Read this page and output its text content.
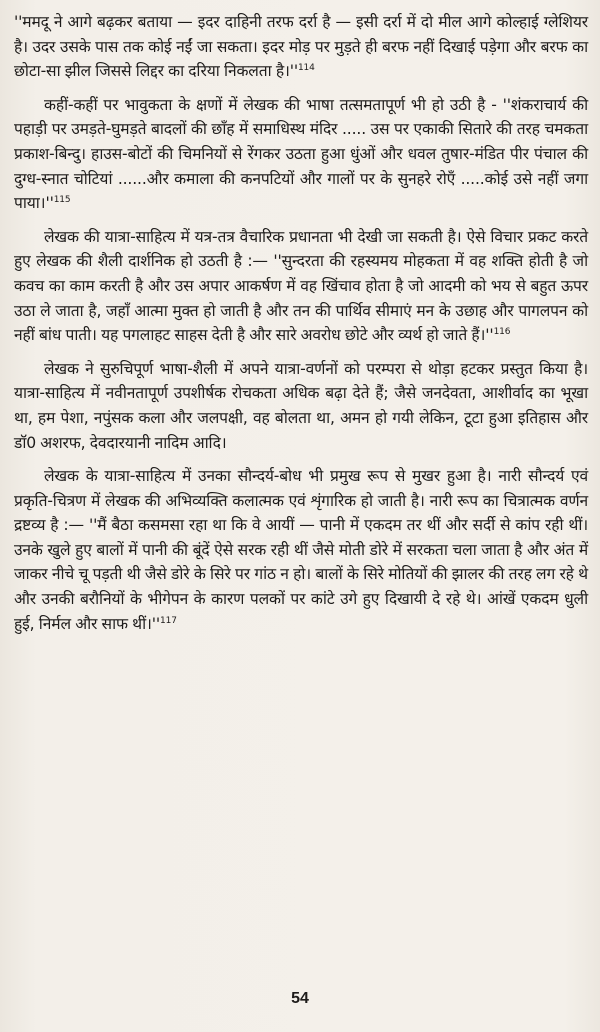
''ममदू ने आगे बढ़कर बताया — इदर दाहिनी तरफ दर्रा है — इसी दर्रा में दो मील आगे कोल्हाई ग्लेशियर है। उदर उसके पास तक कोई नईं जा सकता। इदर मोड़ पर मुड़ते ही बरफ नहीं दिखाई पड़ेगा और बरफ का छोटा-सा झील जिससे लिद्दर का दरिया निकलता $है।''^{114}$

कहीं-कहीं पर भावुकता के क्षणों में लेखक की भाषा तत्समतापूर्ण भी हो उठी है - ''शंकराचार्य की पहाड़ी पर उमड़ते-घुमड़ते बादलों की छाँह में समाधिस्थ मंदिर ..... उस पर एकाकी सितारे की तरह चमकता प्रकाश-बिन्दु। हाउस-बोटों की चिमनियों से रेंगकर उठता हुआ धुंओं और धवल तुषार-मंडित पीर पंचाल की दुग्ध-स्नात चोटियां ......और कमाला की कनपटियों और गालों पर के सुनहरे रोएँ .....कोई उसे नहीं जगा $पाया।''^{115}$

लेखक की यात्रा-साहित्य में यत्र-तत्र वैचारिक प्रधानता भी देखी जा सकती है। ऐसे विचार प्रकट करते हुए लेखक की शैली दार्शनिक हो उठती है :— ''सुन्दरता की रहस्यमय मोहकता में वह शक्ति होती है जो कवच का काम करती है और उस अपार आकर्षण में वह खिंचाव होता है जो आदमी को भय से बहुत ऊपर उठा ले जाता है, जहाँ आत्मा मुक्त हो जाती है और तन की पार्थिव सीमाएं मन के उछाह और पागलपन को नहीं बांध पाती। यह पगलाहट साहस देती है और सारे अवरोध छोटे और व्यर्थ हो जाते $हैं।''^{116}$

लेखक ने सुरुचिपूर्ण भाषा-शैली में अपने यात्रा-वर्णनों को परम्परा से थोड़ा हटकर प्रस्तुत किया है। यात्रा-साहित्य में नवीनतापूर्ण उपशीर्षक रोचकता अधिक बढ़ा देते हैं; जैसे जनदेवता, आशीर्वाद का भूखा था, हम पेशा, नपुंसक कला और जलपक्षी, वह बोलता था, अमन हो गयी लेकिन, टूटा हुआ इतिहास और डॉ0 अशरफ, देवदारयानी नादिम आदि।

लेखक के यात्रा-साहित्य में उनका सौन्दर्य-बोध भी प्रमुख रूप से मुखर हुआ है। नारी सौन्दर्य एवं प्रकृति-चित्रण में लेखक की अभिव्यक्ति कलात्मक एवं शृंगारिक हो जाती है। नारी रूप का चित्रात्मक वर्णन द्रष्टव्य है :— ''मैं बैठा कसमसा रहा था कि वे आयीं — पानी में एकदम तर थीं और सर्दी से कांप रही थीं। उनके खुले हुए बालों में पानी की बूंदें ऐसे सरक रही थीं जैसे मोती डोरे में सरकता चला जाता है और अंत में जाकर नीचे चू पड़ती थी जैसे डोरे के सिरे पर गांठ न हो। बालों के सिरे मोतियों की झालर की तरह लग रहे थे और उनकी बरौनियों के भीगेपन के कारण पलकों पर कांटे उगे हुए दिखायी दे रहे थे। आंखें एकदम धुली हुई, निर्मल और साफ $थीं।''^{117}$

54
